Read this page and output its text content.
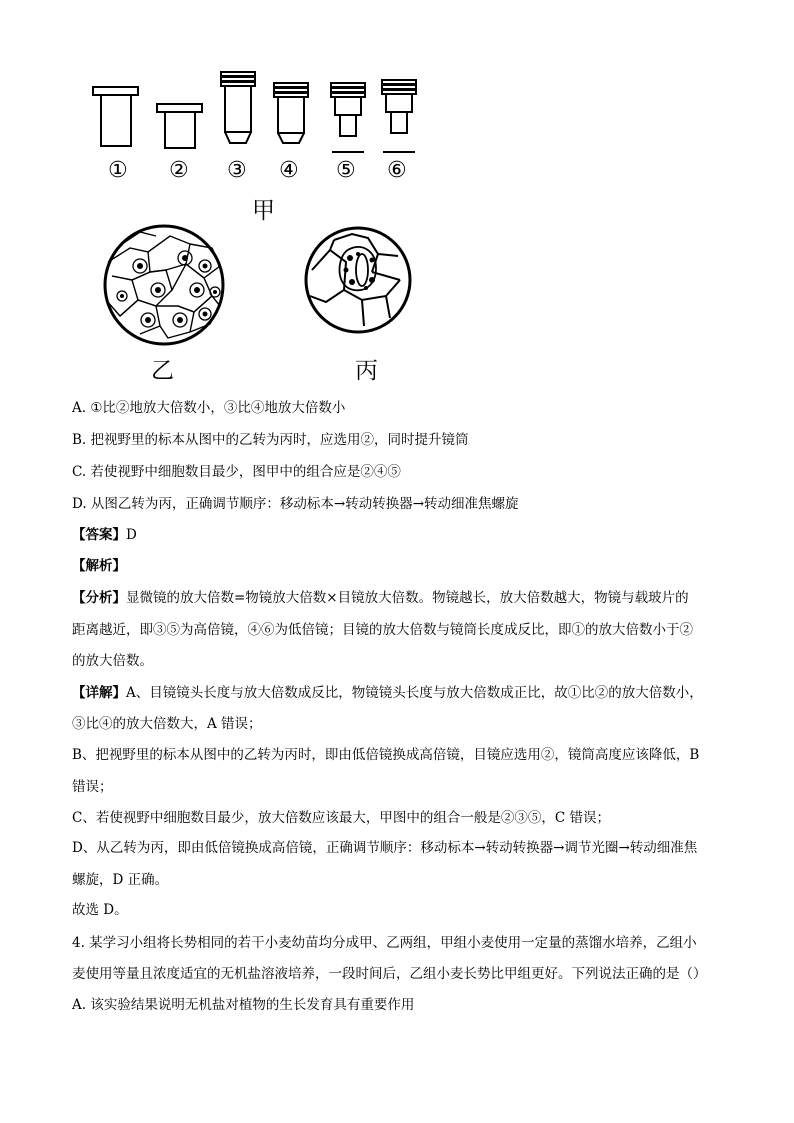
① ② ③ ④ ⑤ ⑥
甲
乙	丙
A. ①比②地放大倍数小，③比④地放大倍数小
B. 把视野里的标本从图中的乙转为丙时，应选用②，同时提升镜筒
C. 若使视野中细胞数目最少，图甲中的组合应是②④⑤
D. 从图乙转为丙，正确调节顺序：移动标本→转动转换器→转动细准焦螺旋
【答案】D
【解析】
【分析】显微镜的放大倍数=物镜放大倍数×目镜放大倍数。物镜越长，放大倍数越大，物镜与载玻片的
距离越近，即③⑤为高倍镜，④⑥为低倍镜；目镜的放大倍数与镜筒长度成反比，即①的放大倍数小于②
的放大倍数。
【详解】A、目镜镜头长度与放大倍数成反比，物镜镜头长度与放大倍数成正比，故①比②的放大倍数小，
③比④的放大倍数大，A 错误；
B、把视野里的标本从图中的乙转为丙时，即由低倍镜换成高倍镜，目镜应选用②，镜筒高度应该降低，B
错误；
C、若使视野中细胞数目最少，放大倍数应该最大，甲图中的组合一般是②③⑤，C 错误；
D、从乙转为丙，即由低倍镜换成高倍镜，正确调节顺序：移动标本→转动转换器→调节光圈→转动细准焦
螺旋，D 正确。
故选 D。
4. 某学习小组将长势相同的若干小麦幼苗均分成甲、乙两组，甲组小麦使用一定量的蒸馏水培养，乙组小
麦使用等量且浓度适宜的无机盐溶液培养，一段时间后，乙组小麦长势比甲组更好。下列说法正确的是（）
A. 该实验结果说明无机盐对植物的生长发育具有重要作用
